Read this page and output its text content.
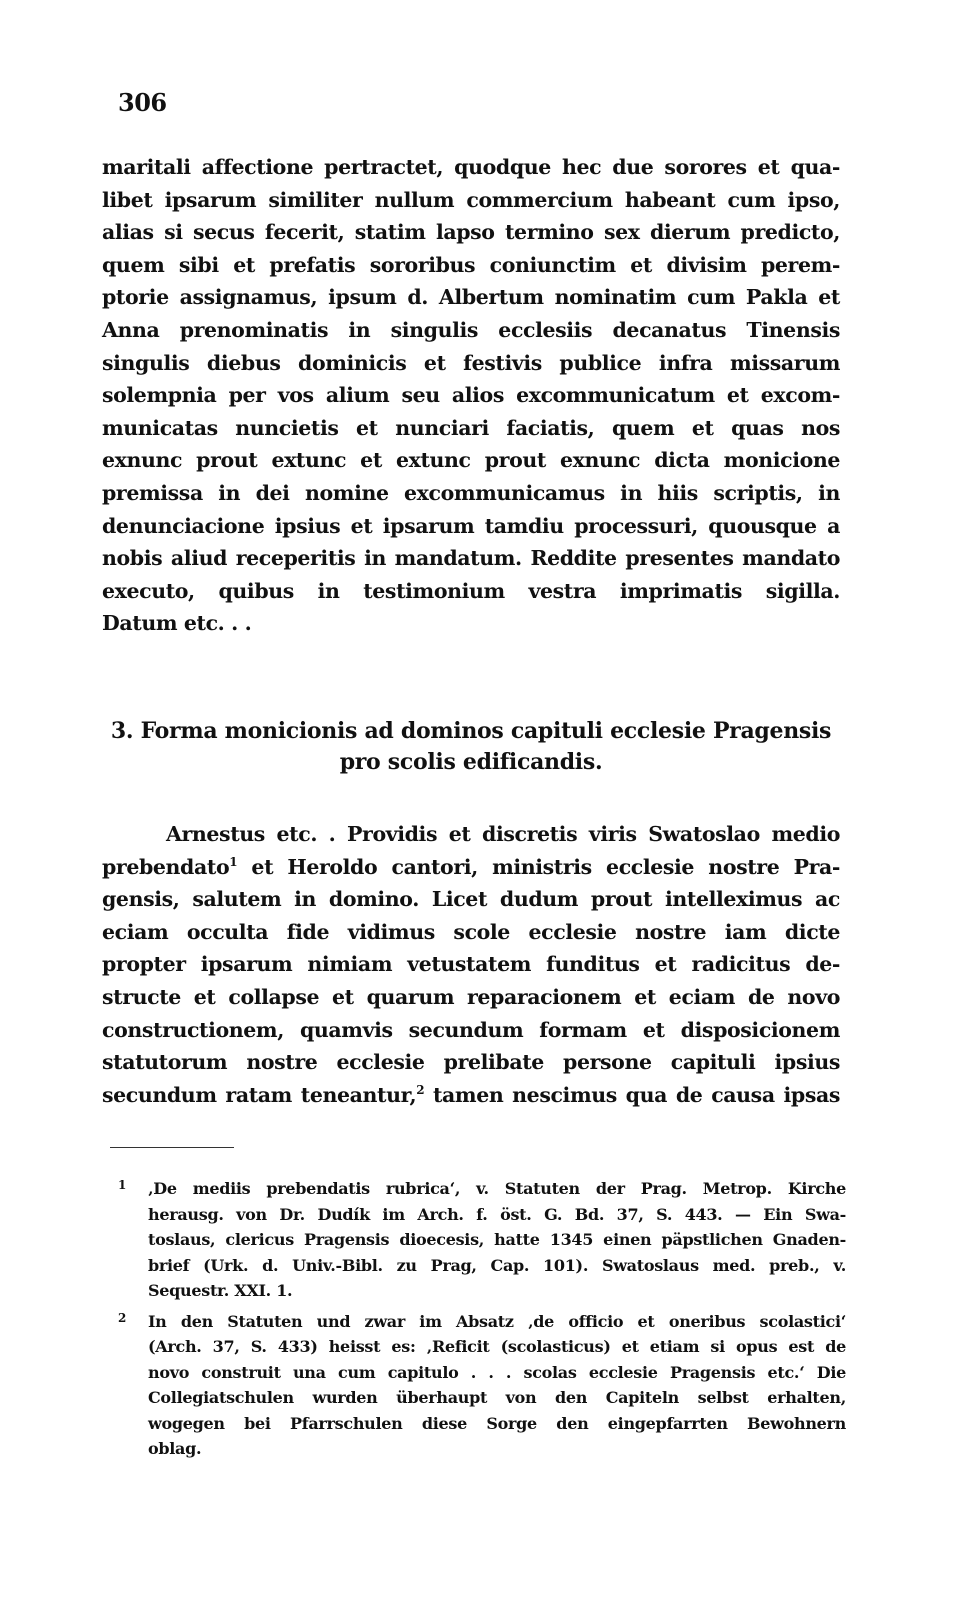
306
maritali affectione pertractet, quodque hec due sorores et qua-
libet ipsarum similiter nullum commercium habeant cum ipso,
alias si secus fecerit, statim lapso termino sex dierum predicto,
quem sibi et prefatis sororibus coniunctim et divisim perem-
ptorie assignamus, ipsum d. Albertum nominatim cum Pakla et
Anna prenominatis in singulis ecclesiis decanatus Tinensis
singulis diebus dominicis et festivis publice infra missarum
solempnia per vos alium seu alios excommunicatum et excom-
municatas nuncietis et nunciari faciatis, quem et quas nos
exnunc prout extunc et extunc prout exnunc dicta monicione
premissa in dei nomine excommunicamus in hiis scriptis, in
denunciacione ipsius et ipsarum tamdiu processuri, quousque a
nobis aliud receperitis in mandatum. Reddite presentes mandato
executo, quibus in testimonium vestra imprimatis sigilla.
Datum etc. . .
3. Forma monicionis ad dominos capituli ecclesie Pragensis
pro scolis edificandis.
Arnestus etc. . Providis et discretis viris Swatoslao medio
prebendato$^1$ et Heroldo cantori, ministris ecclesie nostre Pra-
gensis, salutem in domino. Licet dudum prout intelleximus ac
eciam occulta fide vidimus scole ecclesie nostre iam dicte
propter ipsarum nimiam vetustatem funditus et radicitus de-
structe et collapse et quarum reparacionem et eciam de novo
constructionem, quamvis secundum formam et disposicionem
statutorum nostre ecclesie prelibate persone capituli ipsius
secundum ratam teneantur,$^2$ tamen nescimus qua de causa ipsas
1 ‚De mediis prebendatis rubrica‘, v. Statuten der Prag. Metrop. Kirche
herausg. von Dr. Dudík im Arch. f. öst. G. Bd. 37, S. 443. — Ein Swa-
toslaus, clericus Pragensis dioecesis, hatte 1345 einen päpstlichen Gnaden-
brief (Urk. d. Univ.-Bibl. zu Prag, Cap. 101). Swatoslaus med. preb., v.
Sequestr. XXI. 1.
2 In den Statuten und zwar im Absatz ‚de officio et oneribus scolastici‘
(Arch. 37, S. 433) heisst es: ‚Reficit (scolasticus) et etiam si opus est de
novo construit una cum capitulo . . . scolas ecclesie Pragensis etc.‘ Die
Collegiatschulen wurden überhaupt von den Capiteln selbst erhalten,
wogegen bei Pfarrschulen diese Sorge den eingepfarrten Bewohnern
oblag.
